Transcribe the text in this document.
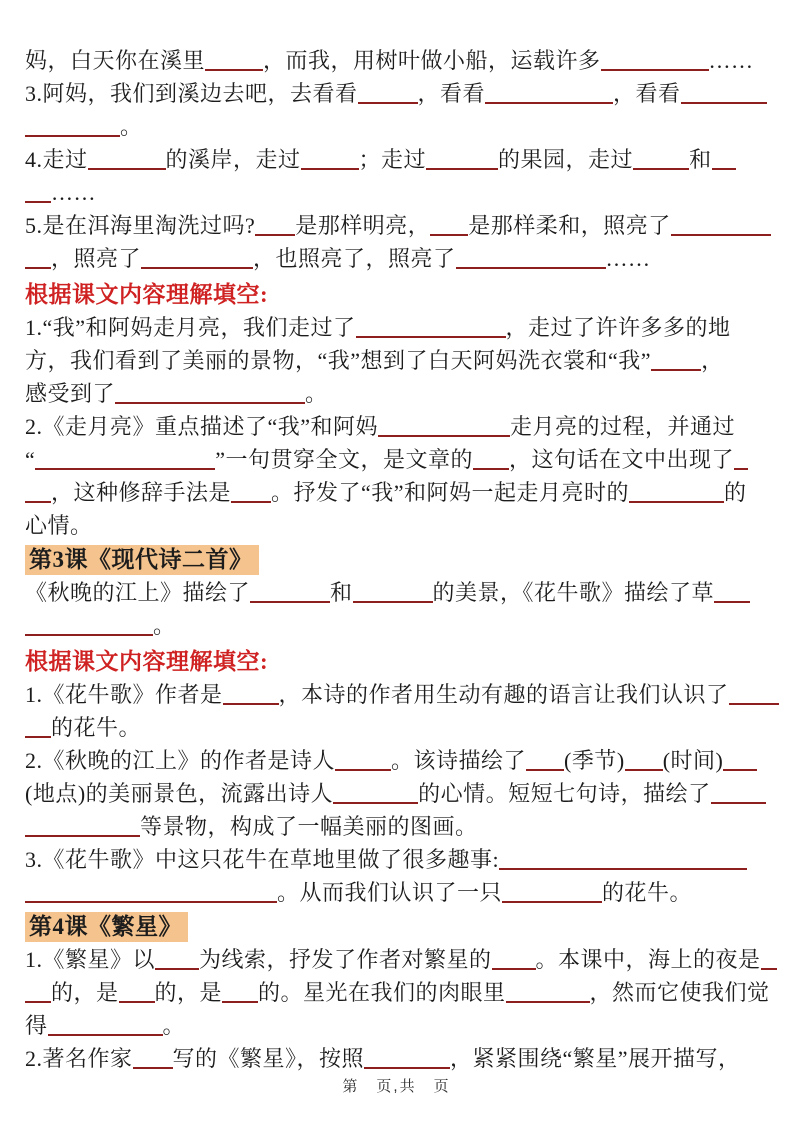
妈，白天你在溪里	，而我，用树叶做小船，运载许多	……
3.阿妈，我们到溪边去吧，去看看	，看看	，看看
。
4.走过	的溪岸，走过	；走过	的果园，走过	和
……
5.是在洱海里淘洗过吗? 是那样明亮， 是那样柔和，照亮了
，照亮了	，也照亮了，照亮了	……
根据课文内容理解填空:
1.“我”和阿妈走月亮，我们走过了	，走过了许许多多的地
方，我们看到了美丽的景物，“我”想到了白天阿妈洗衣裳和“我” ，
感受到了	。
2.《走月亮》重点描述了“我”和阿妈	走月亮的过程，并通过
“	”一句贯穿全文，是文章的 ，这句话在文中出现了
，这种修辞手法是 。抒发了“我”和阿妈一起走月亮时的	的
心情。
第3课《现代诗二首》
《秋晚的江上》描绘了	和	的美景，《花牛歌》描绘了草
。
根据课文内容理解填空:
1.《花牛歌》作者是	，本诗的作者用生动有趣的语言让我们认识了
的花牛。
2.《秋晚的江上》的作者是诗人	。该诗描绘了 (季节) (时间)
(地点)的美丽景色，流露出诗人	的心情。短短七句诗，描绘了
等景物，构成了一幅美丽的图画。
3.《花牛歌》中这只花牛在草地里做了很多趣事:
。从而我们认识了一只	的花牛。
第4课《繁星》
1.《繁星》以 为线索，抒发了作者对繁星的 。本课中，海上的夜是
的，是 的，是 的。星光在我们的肉眼里	，然而它使我们觉
得	。
2.著名作家 写的《繁星》，按照	，紧紧围绕“繁星”展开描写，
第　页,共　页
